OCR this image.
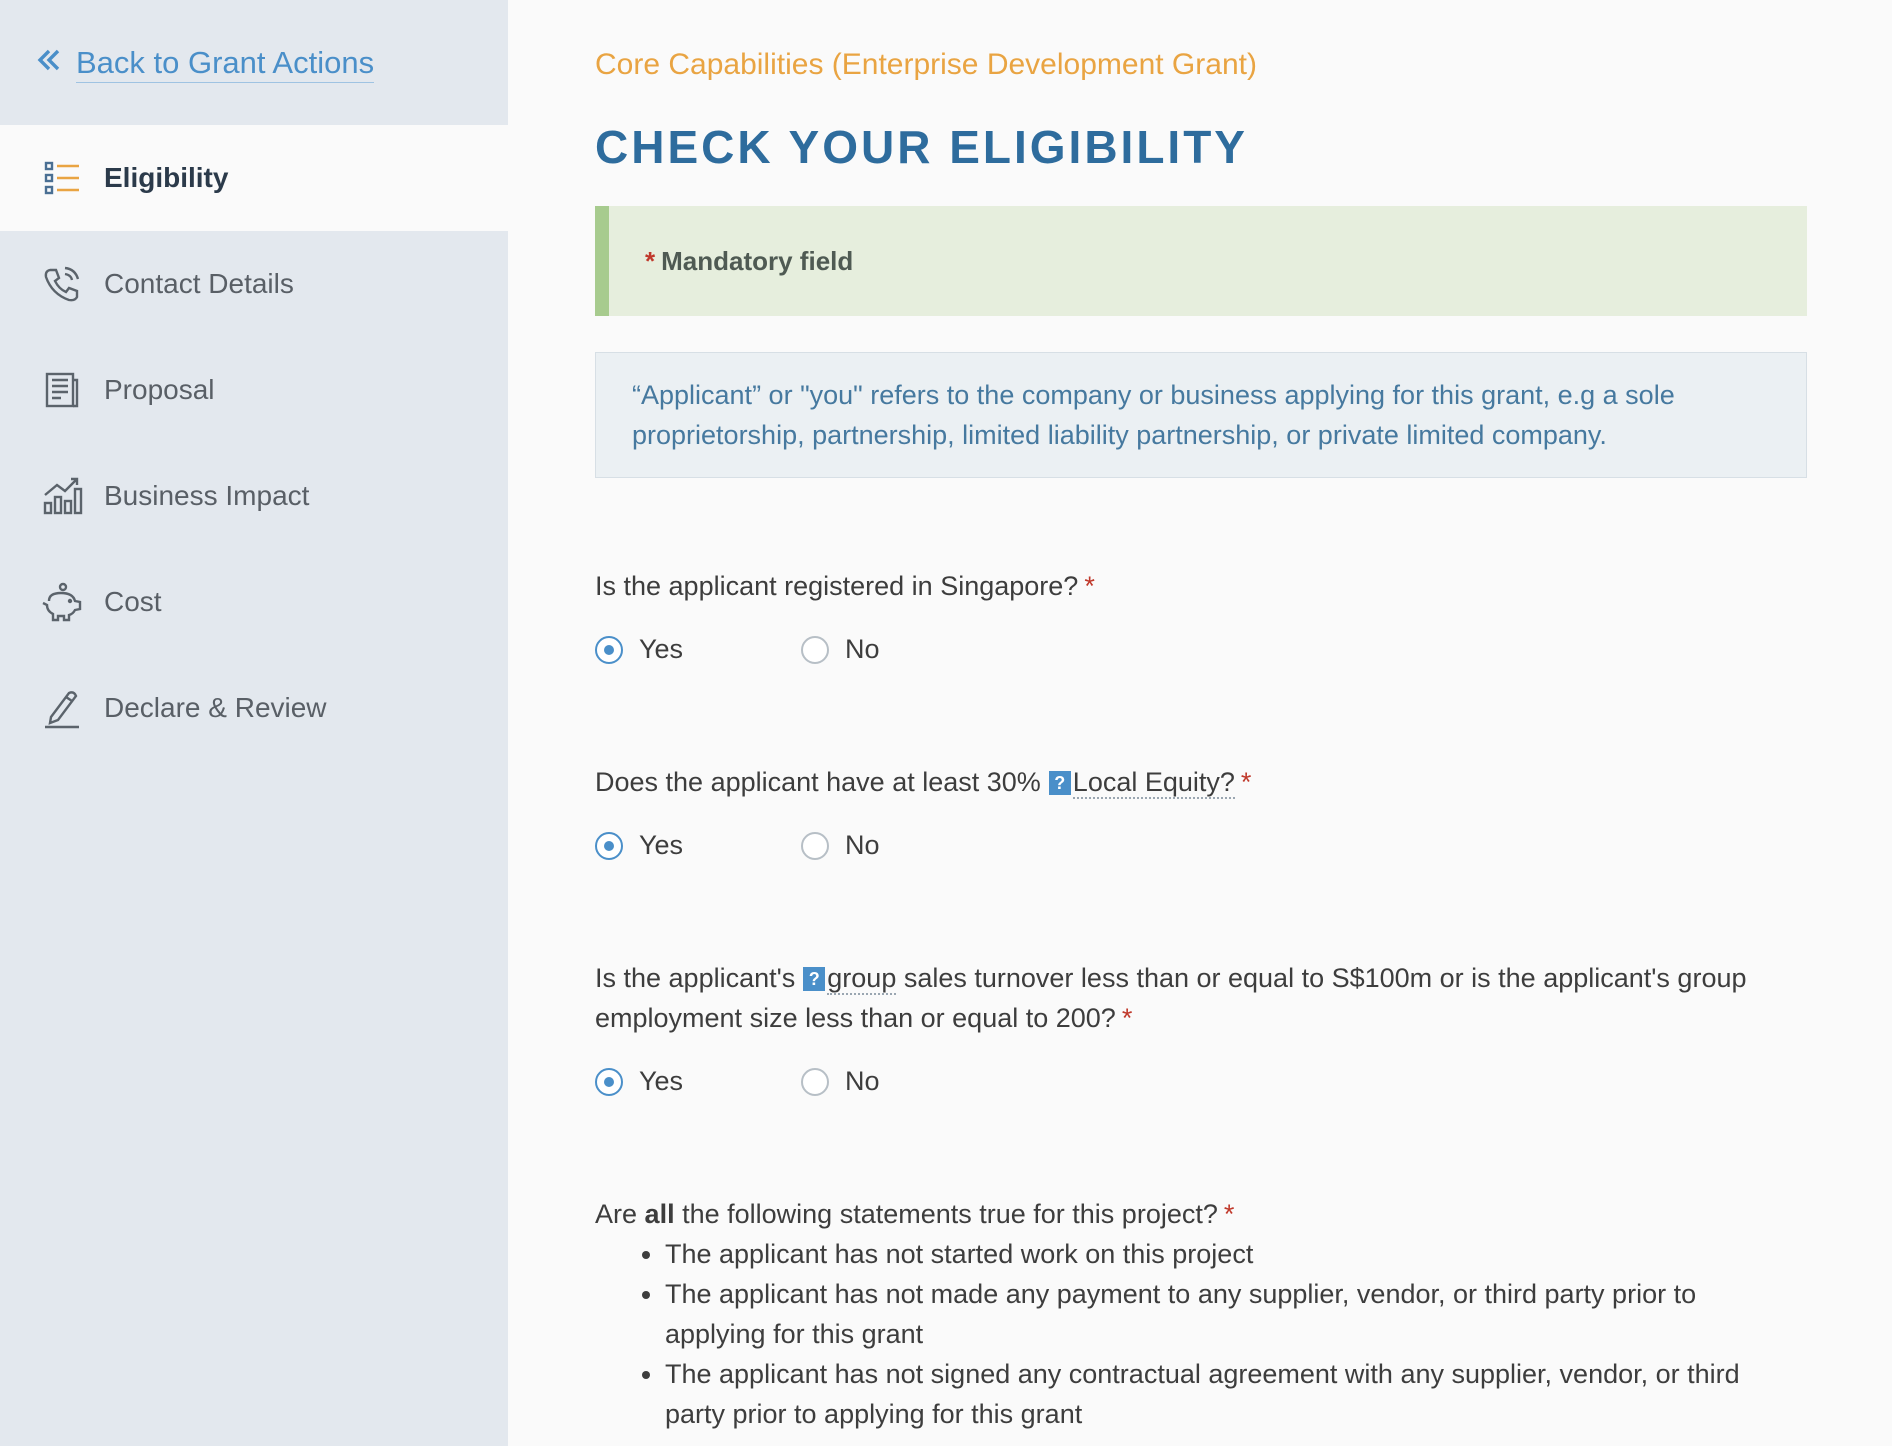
Back to Grant Actions
Eligibility
Contact Details
Proposal
Business Impact
Cost
Declare & Review
Core Capabilities (Enterprise Development Grant)
CHECK YOUR ELIGIBILITY
* Mandatory field
“Applicant” or "you" refers to the company or business applying for this grant, e.g a sole proprietorship, partnership, limited liability partnership, or private limited company.
Is the applicant registered in Singapore? *
Yes	No
Does the applicant have at least 30% ? Local Equity? *
Yes	No
Is the applicant's ? group sales turnover less than or equal to S$100m or is the applicant's group employment size less than or equal to 200? *
Yes	No
Are all the following statements true for this project? *
• The applicant has not started work on this project
• The applicant has not made any payment to any supplier, vendor, or third party prior to applying for this grant
• The applicant has not signed any contractual agreement with any supplier, vendor, or third party prior to applying for this grant
